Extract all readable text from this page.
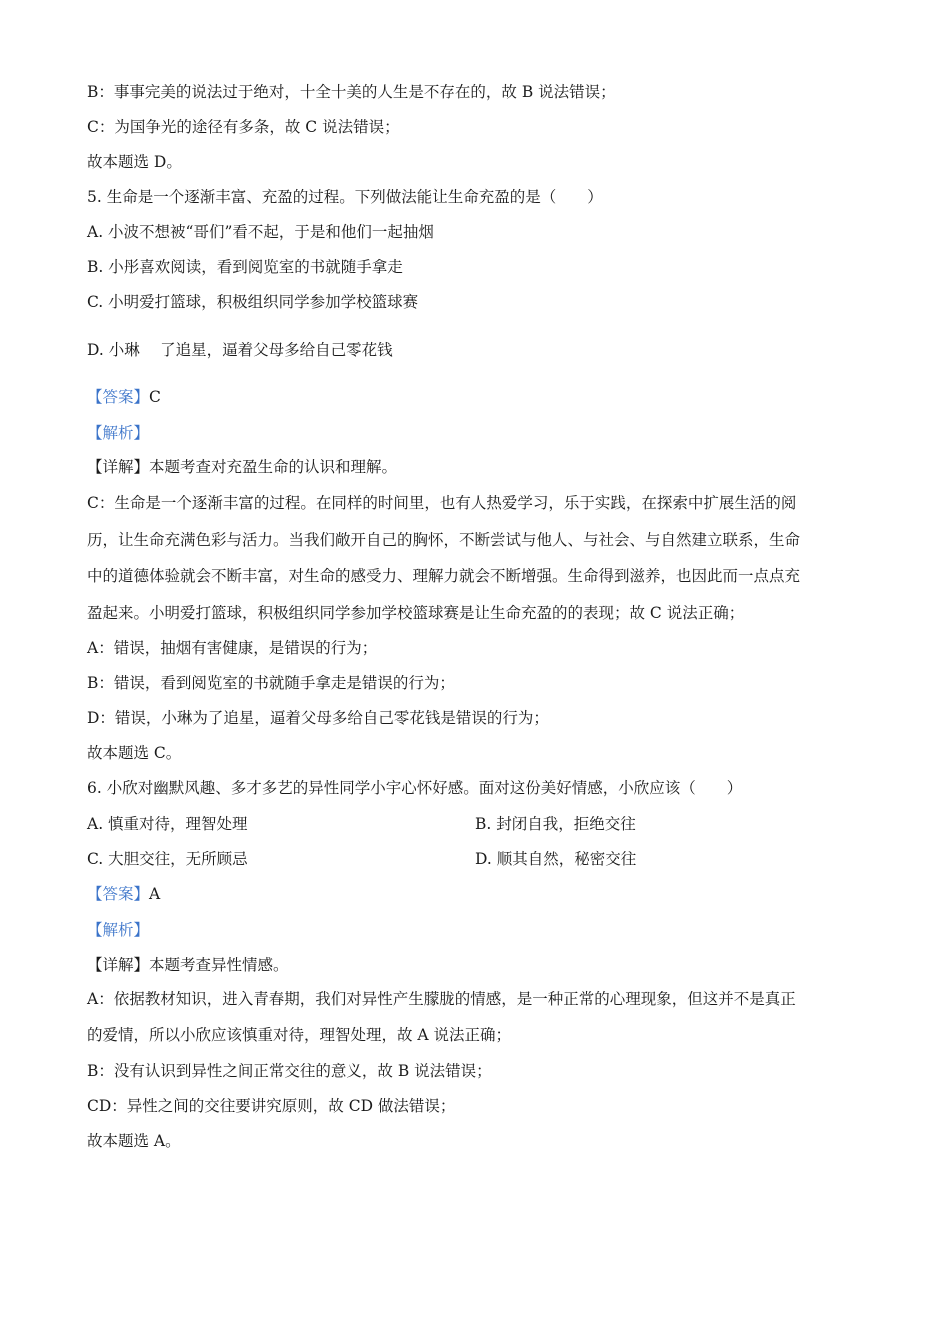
B：事事完美的说法过于绝对，十全十美的人生是不存在的，故 B 说法错误；
C：为国争光的途径有多条，故 C 说法错误；
故本题选 D。
5. 生命是一个逐渐丰富、充盈的过程。下列做法能让生命充盈的是（　　）
A. 小波不想被“哥们”看不起，于是和他们一起抽烟
B. 小彤喜欢阅读，看到阅览室的书就随手拿走
C. 小明爱打篮球，积极组织同学参加学校篮球赛
D. 小琳　 了追星，逼着父母多给自己零花钱
【答案】C
【解析】
【详解】本题考查对充盈生命的认识和理解。
C：生命是一个逐渐丰富的过程。在同样的时间里，也有人热爱学习，乐于实践，在探索中扩展生活的阅
历，让生命充满色彩与活力。当我们敞开自己的胸怀，不断尝试与他人、与社会、与自然建立联系，生命
中的道德体验就会不断丰富，对生命的感受力、理解力就会不断增强。生命得到滋养，也因此而一点点充
盈起来。小明爱打篮球，积极组织同学参加学校篮球赛是让生命充盈的的表现；故 C 说法正确；
A：错误，抽烟有害健康，是错误的行为；
B：错误，看到阅览室的书就随手拿走是错误的行为；
D：错误，小琳为了追星，逼着父母多给自己零花钱是错误的行为；
故本题选 C。
6. 小欣对幽默风趣、多才多艺的异性同学小宇心怀好感。面对这份美好情感，小欣应该（　　）
A. 慎重对待，理智处理	B. 封闭自我，拒绝交往
C. 大胆交往，无所顾忌	D. 顺其自然，秘密交往
【答案】A
【解析】
【详解】本题考查异性情感。
A：依据教材知识，进入青春期，我们对异性产生朦胧的情感，是一种正常的心理现象，但这并不是真正
的爱情，所以小欣应该慎重对待，理智处理，故 A 说法正确；
B：没有认识到异性之间正常交往的意义，故 B 说法错误；
CD：异性之间的交往要讲究原则，故 CD 做法错误；
故本题选 A。
